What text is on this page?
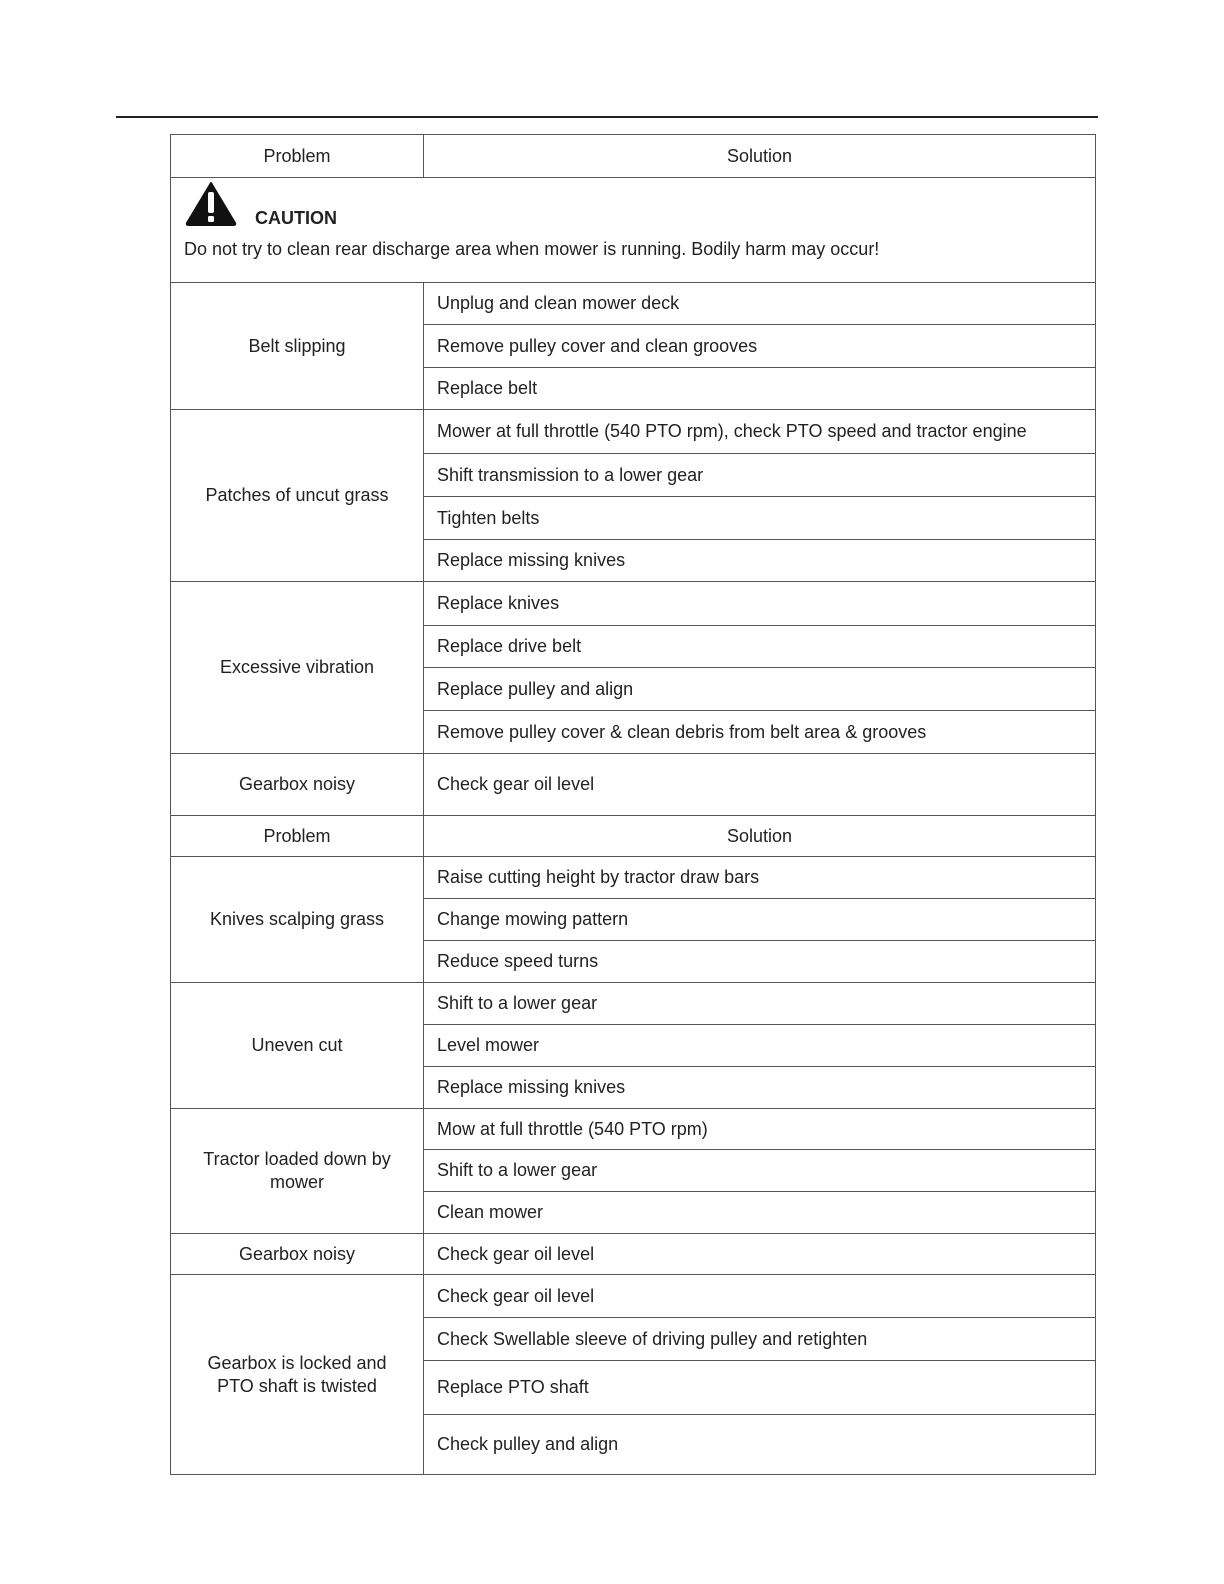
Problem	Solution

CAUTION
Do not try to clean rear discharge area when mower is running. Bodily harm may occur!	

Belt slipping	Unplug and clean mower deck
	Remove pulley cover and clean grooves
	Replace belt
Patches of uncut grass	Mower at full throttle (540 PTO rpm), check PTO speed and tractor engine
	Shift transmission to a lower gear
	Tighten belts
	Replace missing knives
Excessive vibration	Replace knives
	Replace drive belt
	Replace pulley and align
	Remove pulley cover & clean debris from belt area & grooves
Gearbox noisy	Check gear oil level
Problem	Solution
Knives scalping grass	Raise cutting height by tractor draw bars
	Change mowing pattern
	Reduce speed turns
Uneven cut	Shift to a lower gear
	Level mower
	Replace missing knives
Tractor loaded down by mower	Mow at full throttle (540 PTO rpm)
	Shift to a lower gear
	Clean mower
Gearbox noisy	Check gear oil level
Gearbox is locked and PTO shaft is twisted	Check gear oil level
	Check Swellable sleeve of driving pulley and retighten
	Replace PTO shaft
	Check pulley and align
